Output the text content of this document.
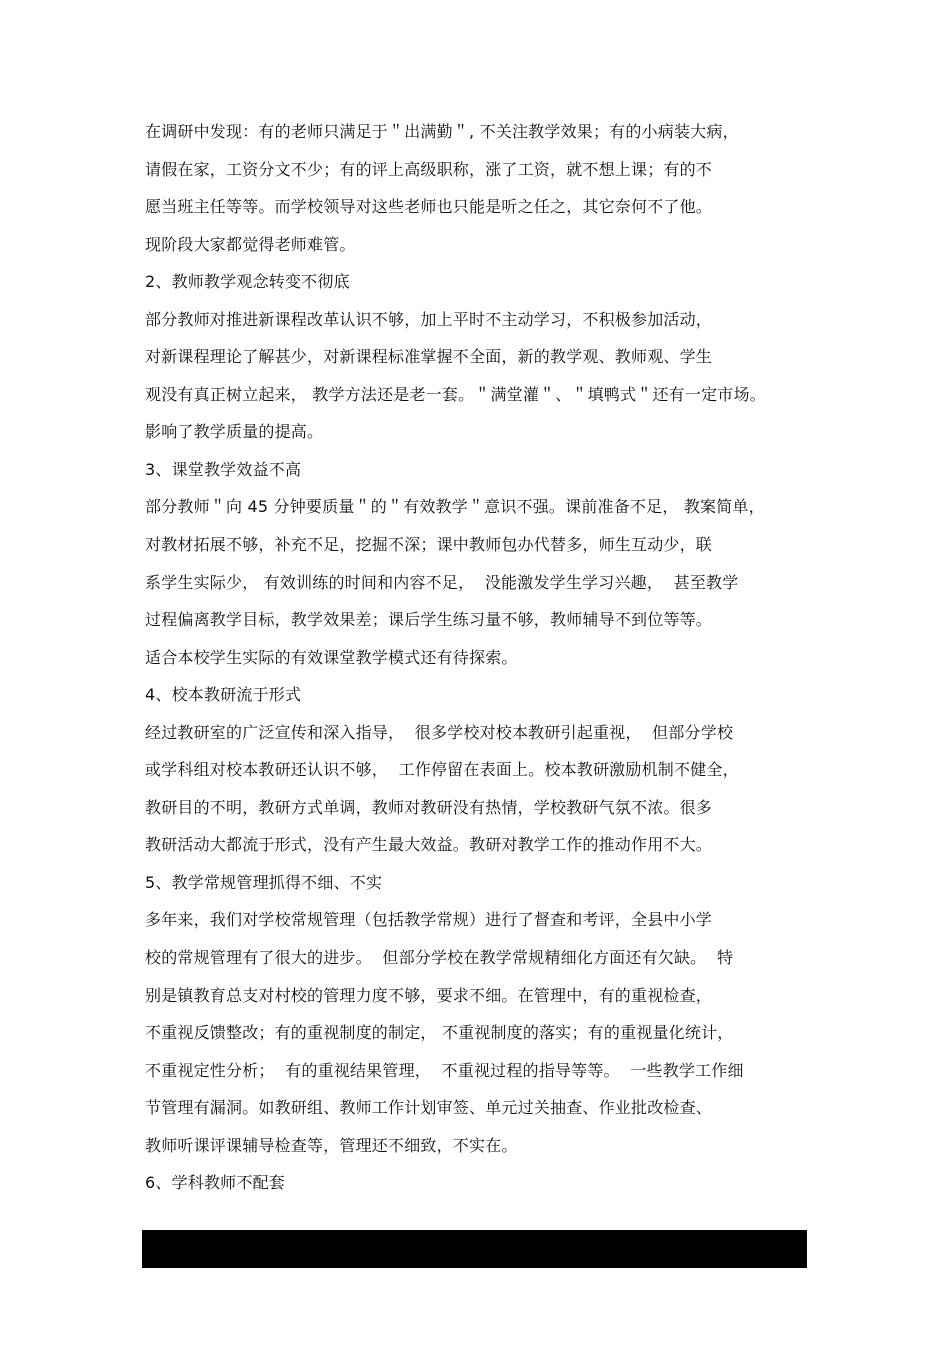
在调研中发现：有的老师只满足于＂出满勤＂, 不关注教学效果；有的小病装大病，
请假在家，工资分文不少；有的评上高级职称，涨了工资，就不想上课；有的不
愿当班主任等等。而学校领导对这些老师也只能是听之任之，其它奈何不了他。
现阶段大家都觉得老师难管。
2、教师教学观念转变不彻底
部分教师对推进新课程改革认识不够，加上平时不主动学习，不积极参加活动，
对新课程理论了解甚少，对新课程标准掌握不全面，新的教学观、教师观、学生
观没有真正树立起来， 教学方法还是老一套。＂满堂灌＂、＂填鸭式＂还有一定市场。
影响了教学质量的提高。
3、课堂教学效益不高
部分教师＂向 45 分钟要质量＂的＂有效教学＂意识不强。课前准备不足， 教案简单，
对教材拓展不够，补充不足，挖掘不深；课中教师包办代替多，师生互动少，联
系学生实际少， 有效训练的时间和内容不足，  没能激发学生学习兴趣，  甚至教学
过程偏离教学目标，教学效果差；课后学生练习量不够，教师辅导不到位等等。
适合本校学生实际的有效课堂教学模式还有待探索。
4、校本教研流于形式
经过教研室的广泛宣传和深入指导，  很多学校对校本教研引起重视，  但部分学校
或学科组对校本教研还认识不够，  工作停留在表面上。校本教研激励机制不健全，
教研目的不明，教研方式单调，教师对教研没有热情，学校教研气氛不浓。很多
教研活动大都流于形式，没有产生最大效益。教研对教学工作的推动作用不大。
5、教学常规管理抓得不细、不实
多年来，我们对学校常规管理（包括教学常规）进行了督查和考评，全县中小学
校的常规管理有了很大的进步。  但部分学校在教学常规精细化方面还有欠缺。  特
别是镇教育总支对村校的管理力度不够，要求不细。在管理中，有的重视检查，
不重视反馈整改；有的重视制度的制定， 不重视制度的落实；有的重视量化统计，
不重视定性分析；  有的重视结果管理，  不重视过程的指导等等。  一些教学工作细
节管理有漏洞。如教研组、教师工作计划审签、单元过关抽查、作业批改检查、
教师听课评课辅导检查等，管理还不细致，不实在。
6、学科教师不配套
